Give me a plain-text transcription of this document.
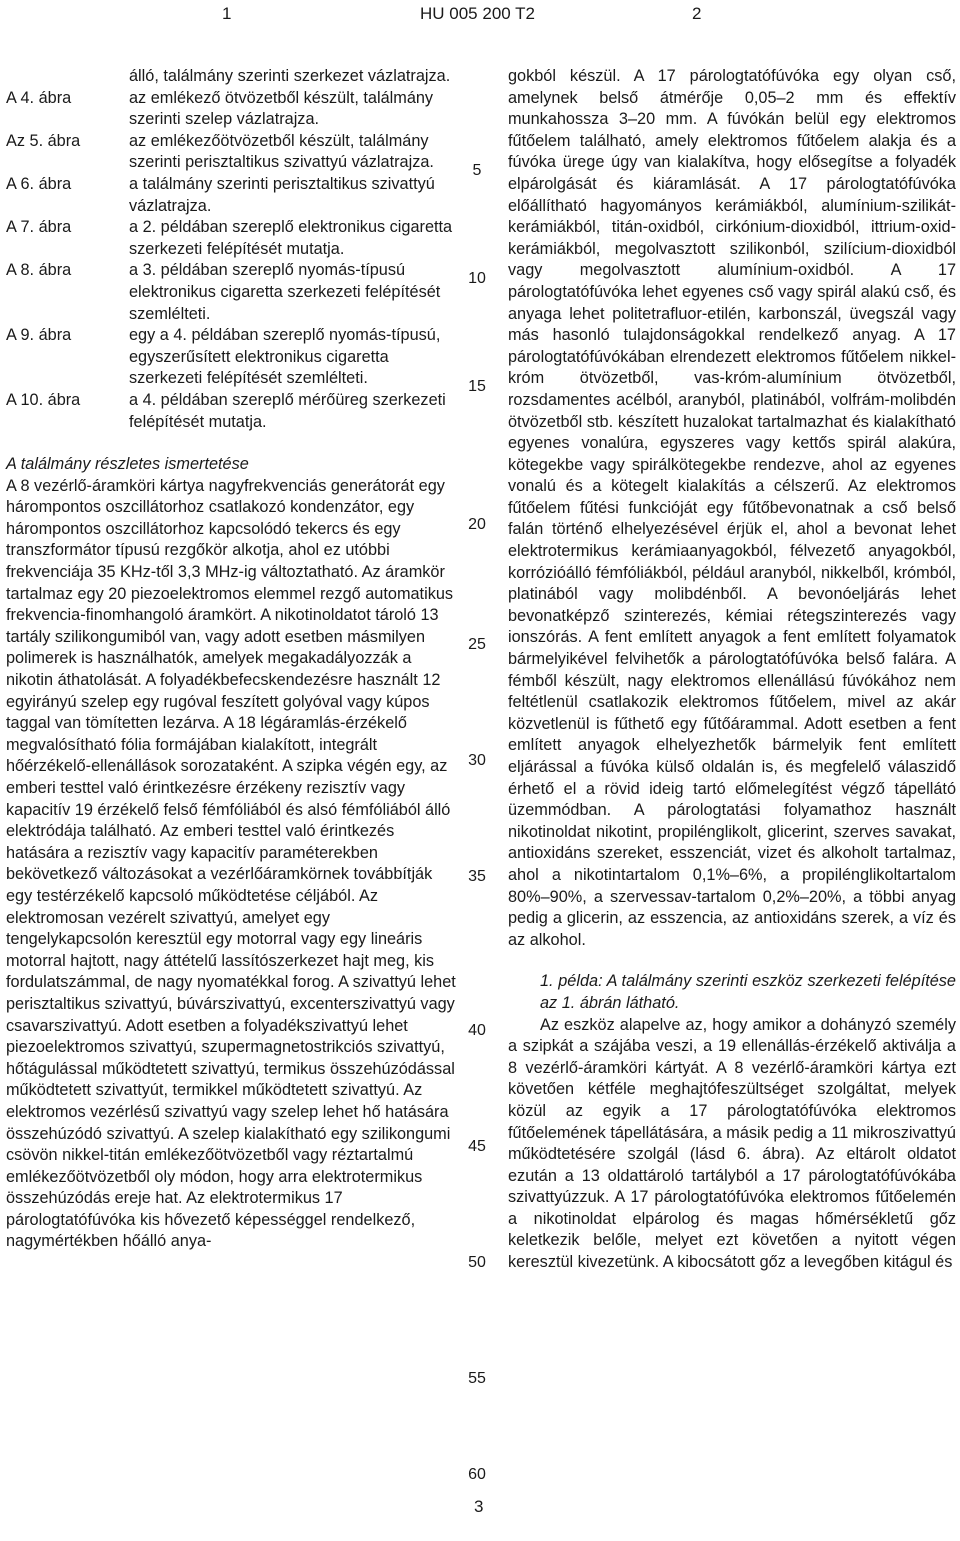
1	HU 005 200 T2	2
álló, találmány szerinti szerkezet vázlatrajza.
A 4. ábra	az emlékező ötvözetből készült, találmány szerinti szelep vázlatrajza.
Az 5. ábra	az emlékezőötvözetből készült, találmány szerinti perisztaltikus szivattyú vázlatrajza.
A 6. ábra	a találmány szerinti perisztaltikus szivattyú vázlatrajza.
A 7. ábra	a 2. példában szereplő elektronikus cigaretta szerkezeti felépítését mutatja.
A 8. ábra	a 3. példában szereplő nyomás-típusú elektronikus cigaretta szerkezeti felépítését szemlélteti.
A 9. ábra	egy a 4. példában szereplő nyomás-típusú, egyszerűsített elektronikus cigaretta szerkezeti felépítését szemlélteti.
A 10. ábra	a 4. példában szereplő mérőüreg szerkezeti felépítését mutatja.

A találmány részletes ismertetése

A 8 vezérlő-áramköri kártya nagyfrekvenciás generátorát egy hárompontos oszcillátorhoz csatlakozó kondenzátor, egy hárompontos oszcillátorhoz kapcsolódó tekercs és egy transzformátor típusú rezgőkör alkotja, ahol ez utóbbi frekvenciája 35 KHz-től 3,3 MHz-ig változtatható. Az áramkör tartalmaz egy 20 piezoelektromos elemmel rezgő automatikus frekvencia-finomhangoló áramkört. A nikotinoldatot tároló 13 tartály szilikongumiból van, vagy adott esetben másmilyen polimerek is használhatók, amelyek megakadályozzák a nikotin áthatolását. A folyadékbefecskendezésre használt 12 egyirányú szelep egy rugóval feszített golyóval vagy kúpos taggal van tömítetten lezárva. A 18 légáramlás-érzékelő megvalósítható fólia formájában kialakított, integrált hőérzékelő-ellenállások sorozataként. A szipka végén egy, az emberi testtel való érintkezésre érzékeny rezisztív vagy kapacitív 19 érzékelő felső fémfóliából és alsó fémfóliából álló elektródája található. Az emberi testtel való érintkezés hatására a rezisztív vagy kapacitív paraméterekben bekövetkező változásokat a vezérlőáramkörnek továbbítják egy testérzékelő kapcsoló működtetése céljából. Az elektromosan vezérelt szivattyú, amelyet egy tengelykapcsolón keresztül egy motorral vagy egy lineáris motorral hajtott, nagy áttételű lassítószerkezet hajt meg, kis fordulatszámmal, de nagy nyomatékkal forog. A szivattyú lehet perisztaltikus szivattyú, búvárszivattyú, excenterszivattyú vagy csavarszivattyú. Adott esetben a folyadékszivattyú lehet piezoelektromos szivattyú, szupermagnetostrikciós szivattyú, hőtágulással működtetett szivattyú, termikus összehúzódással működtetett szivattyút, termikkel működtetett szivattyú. Az elektromos vezérlésű szivattyú vagy szelep lehet hő hatására összehúzódó szivattyú. A szelep kialakítható egy szilikongumi csövön nikkel-titán emlékezőötvözetből vagy réztartalmú emlékezőötvözetből oly módon, hogy arra elektrotermikus összehúzódás ereje hat. Az elektrotermikus 17 párologtatófúvóka kis hővezető képességgel rendelkező, nagymértékben hőálló anya-

gokból készül. A 17 párologtatófúvóka egy olyan cső, amelynek belső átmérője 0,05–2 mm és effektív munkahossza 3–20 mm. A fúvókán belül egy elektromos fűtőelem található, amely elektromos fűtőelem alakja és a fúvóka ürege úgy van kialakítva, hogy elősegítse a folyadék elpárolgását és kiáramlását. A 17 párologtatófúvóka előállítható hagyományos kerámiákból, alumínium-szilikát-kerámiákból, titán-oxidból, cirkónium-dioxidból, ittrium-oxid-kerámiákból, megolvasztott szilikonból, szilícium-dioxidból vagy megolvasztott alumínium-oxidból. A 17 párologtatófúvóka lehet egyenes cső vagy spirál alakú cső, és anyaga lehet politetrafluor-etilén, karbonszál, üvegszál vagy más hasonló tulajdonságokkal rendelkező anyag. A 17 párologtatófúvókában elrendezett elektromos fűtőelem nikkel-króm ötvözetből, vas-króm-alumínium ötvözetből, rozsdamentes acélból, aranyból, platinából, volfrám-molibdén ötvözetből stb. készített huzalokat tartalmazhat és kialakítható egyenes vonalúra, egyszeres vagy kettős spirál alakúra, kötegekbe vagy spirálkötegekbe rendezve, ahol az egyenes vonalú és a kötegelt kialakítás a célszerű. Az elektromos fűtőelem fűtési funkcióját egy fűtőbevonatnak a cső belső falán történő elhelyezésével érjük el, ahol a bevonat lehet elektrotermikus kerámiaanyagokból, félvezető anyagokból, korrózióálló fémfóliákból, például aranyból, nikkelből, krómból, platinából vagy molibdénből. A bevonóeljárás lehet bevonatképző szinterezés, kémiai rétegszinterezés vagy ionszórás. A fent említett anyagok a fent említett folyamatok bármelyikével felvihetők a párologtatófúvóka belső falára. A fémből készült, nagy elektromos ellenállású fúvókához nem feltétlenül csatlakozik elektromos fűtőelem, mivel az akár közvetlenül is fűthető egy fűtőárammal. Adott esetben a fent említett anyagok elhelyezhetők bármelyik fent említett eljárással a fúvóka külső oldalán is, és megfelelő válaszidő érhető el a rövid ideig tartó előmelegítést végző tápellátó üzemmódban. A párologtatási folyamathoz használt nikotinoldat nikotint, propilénglikolt, glicerint, szerves savakat, antioxidáns szereket, esszenciát, vizet és alkoholt tartalmaz, ahol a nikotintartalom 0,1%–6%, a propilénglikoltartalom 80%–90%, a szervessav-tartalom 0,2%–20%, a többi anyag pedig a glicerin, az esszencia, az antioxidáns szerek, a víz és az alkohol.

1. példa: A találmány szerinti eszköz szerkezeti felépítése az 1. ábrán látható.

Az eszköz alapelve az, hogy amikor a dohányzó személy a szipkát a szájába veszi, a 19 ellenállás-érzékelő aktiválja a 8 vezérlő-áramköri kártyát. A 8 vezérlő-áramköri kártya ezt követően kétféle meghajtófeszültséget szolgáltat, melyek közül az egyik a 17 párologtatófúvóka elektromos fűtőelemének tápellátására, a másik pedig a 11 mikroszivattyú működtetésére szolgál (lásd 6. ábra). Az eltárolt oldatot ezután a 13 oldattároló tartályból a 17 párologtatófúvókába szivattyúzzuk. A 17 párologtatófúvóka elektromos fűtőelemén a nikotinoldat elpárolog és magas hőmérsékletű gőz keletkezik belőle, melyet ezt követően a nyitott végen keresztül kivezetünk. A kibocsátott gőz a levegőben kitágul és

5
10
15
20
25
30
35
40
45
50
55
60
3
